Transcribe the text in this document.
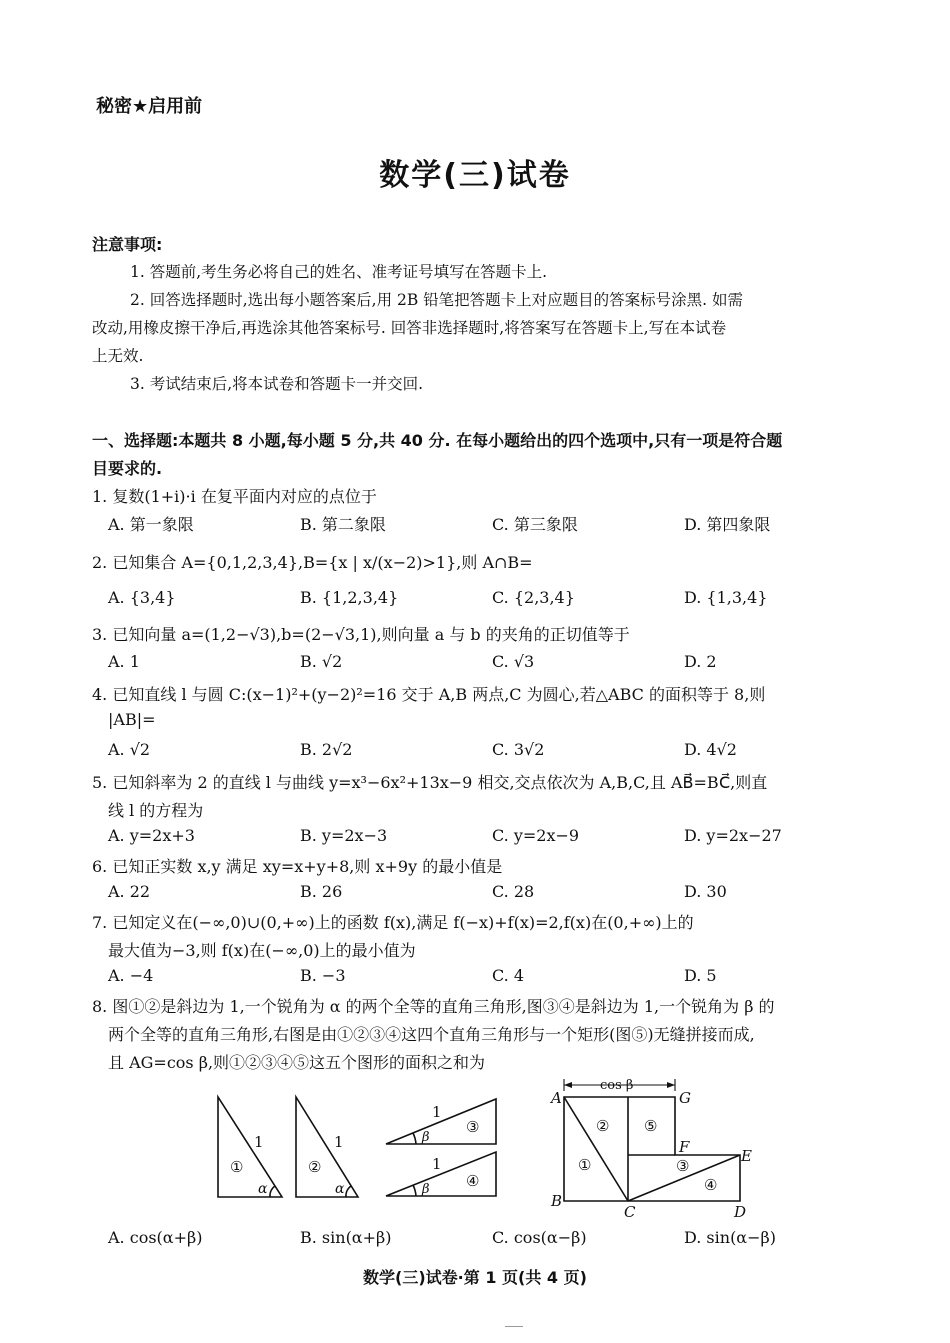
秘密★启用前
数学(三)试卷
注意事项:
1. 答题前,考生务必将自己的姓名、准考证号填写在答题卡上.
2. 回答选择题时,选出每小题答案后,用 2B 铅笔把答题卡上对应题目的答案标号涂黑. 如需
改动,用橡皮擦干净后,再选涂其他答案标号. 回答非选择题时,将答案写在答题卡上,写在本试卷
上无效.
3. 考试结束后,将本试卷和答题卡一并交回.
一、选择题:本题共 8 小题,每小题 5 分,共 40 分. 在每小题给出的四个选项中,只有一项是符合题
目要求的.
1. 复数(1+i)·i 在复平面内对应的点位于
A. 第一象限	B. 第二象限	C. 第三象限	D. 第四象限
2. 已知集合 A={0,1,2,3,4},B={x | x/(x−2)>1},则 A∩B=
A. {3,4}	B. {1,2,3,4}	C. {2,3,4}	D. {1,3,4}
3. 已知向量 a=(1,2−√3),b=(2−√3,1),则向量 a 与 b 的夹角的正切值等于
A. 1	B. √2	C. √3	D. 2
4. 已知直线 l 与圆 C:(x−1)²+(y−2)²=16 交于 A,B 两点,C 为圆心,若△ABC 的面积等于 8,则
|AB|=
A. √2	B. 2√2	C. 3√2	D. 4√2
5. 已知斜率为 2 的直线 l 与曲线 y=x³−6x²+13x−9 相交,交点依次为 A,B,C,且 AB⃗=BC⃗,则直
线 l 的方程为
A. y=2x+3	B. y=2x−3	C. y=2x−9	D. y=2x−27
6. 已知正实数 x,y 满足 xy=x+y+8,则 x+9y 的最小值是
A. 22	B. 26	C. 28	D. 30
7. 已知定义在(−∞,0)∪(0,+∞)上的函数 f(x),满足 f(−x)+f(x)=2,f(x)在(0,+∞)上的
最大值为−3,则 f(x)在(−∞,0)上的最小值为
A. −4	B. −3	C. 4	D. 5
8. 图①②是斜边为 1,一个锐角为 α 的两个全等的直角三角形,图③④是斜边为 1,一个锐角为 β 的
两个全等的直角三角形,右图是由①②③④这四个直角三角形与一个矩形(图⑤)无缝拼接而成,
且 AG=cos β,则①②③④⑤这五个图形的面积之和为
1
①
α
1
②
α
1
③
β
1
④
β
cos β
A
B
C	D
E
F
G
②
①
⑤
③
④
A. cos(α+β)	B. sin(α+β)	C. cos(α−β)	D. sin(α−β)
数学(三)试卷·第 1 页(共 4 页)
